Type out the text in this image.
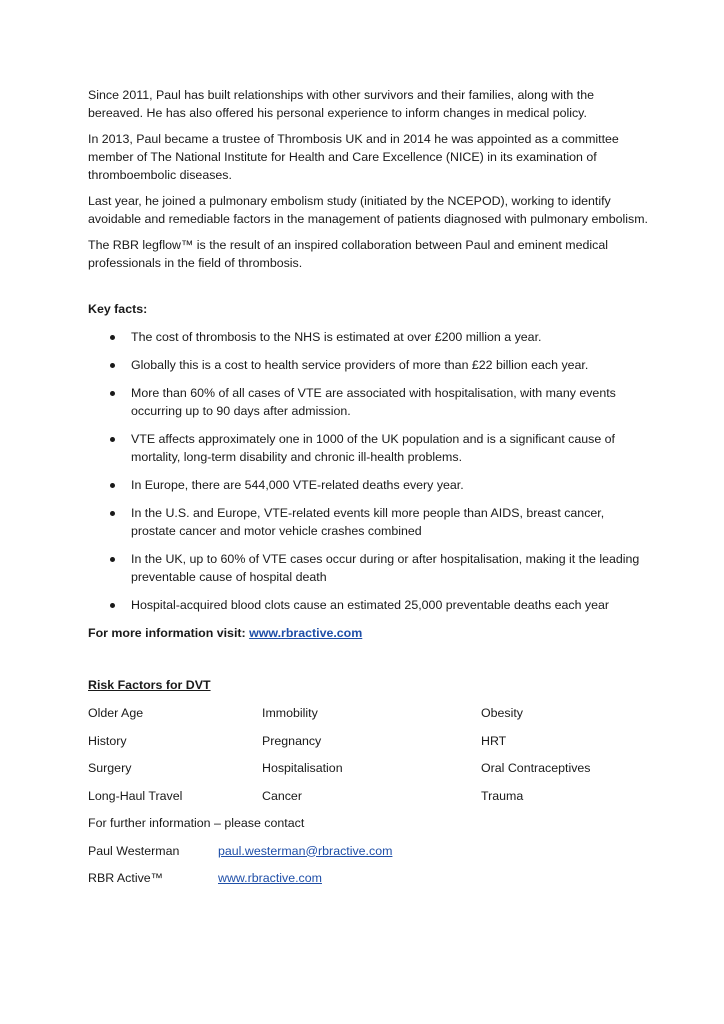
Since 2011, Paul has built relationships with other survivors and their families, along with the bereaved. He has also offered his personal experience to inform changes in medical policy.

In 2013, Paul became a trustee of Thrombosis UK and in 2014 he was appointed as a committee member of The National Institute for Health and Care Excellence (NICE) in its examination of thromboembolic diseases.

Last year, he joined a pulmonary embolism study (initiated by the NCEPOD), working to identify avoidable and remediable factors in the management of patients diagnosed with pulmonary embolism.

The RBR legflow™ is the result of an inspired collaboration between Paul and eminent medical professionals in the field of thrombosis.

Key facts:

The cost of thrombosis to the NHS is estimated at over £200 million a year.
Globally this is a cost to health service providers of more than £22 billion each year.
More than 60% of all cases of VTE are associated with hospitalisation, with many events occurring up to 90 days after admission.
VTE affects approximately one in 1000 of the UK population and is a significant cause of mortality, long-term disability and chronic ill-health problems.
In Europe, there are 544,000 VTE-related deaths every year.
In the U.S. and Europe, VTE-related events kill more people than AIDS, breast cancer, prostate cancer and motor vehicle crashes combined
In the UK, up to 60% of VTE cases occur during or after hospitalisation, making it the leading preventable cause of hospital death
Hospital-acquired blood clots cause an estimated 25,000 preventable deaths each year

For more information visit: www.rbractive.com

Risk Factors for DVT

Older Age	Immobility	Obesity
History	Pregnancy	HRT
Surgery	Hospitalisation	Oral Contraceptives
Long-Haul Travel	Cancer	Trauma

For further information – please contact

Paul Westerman	paul.westerman@rbractive.com
RBR Active™	www.rbractive.com
